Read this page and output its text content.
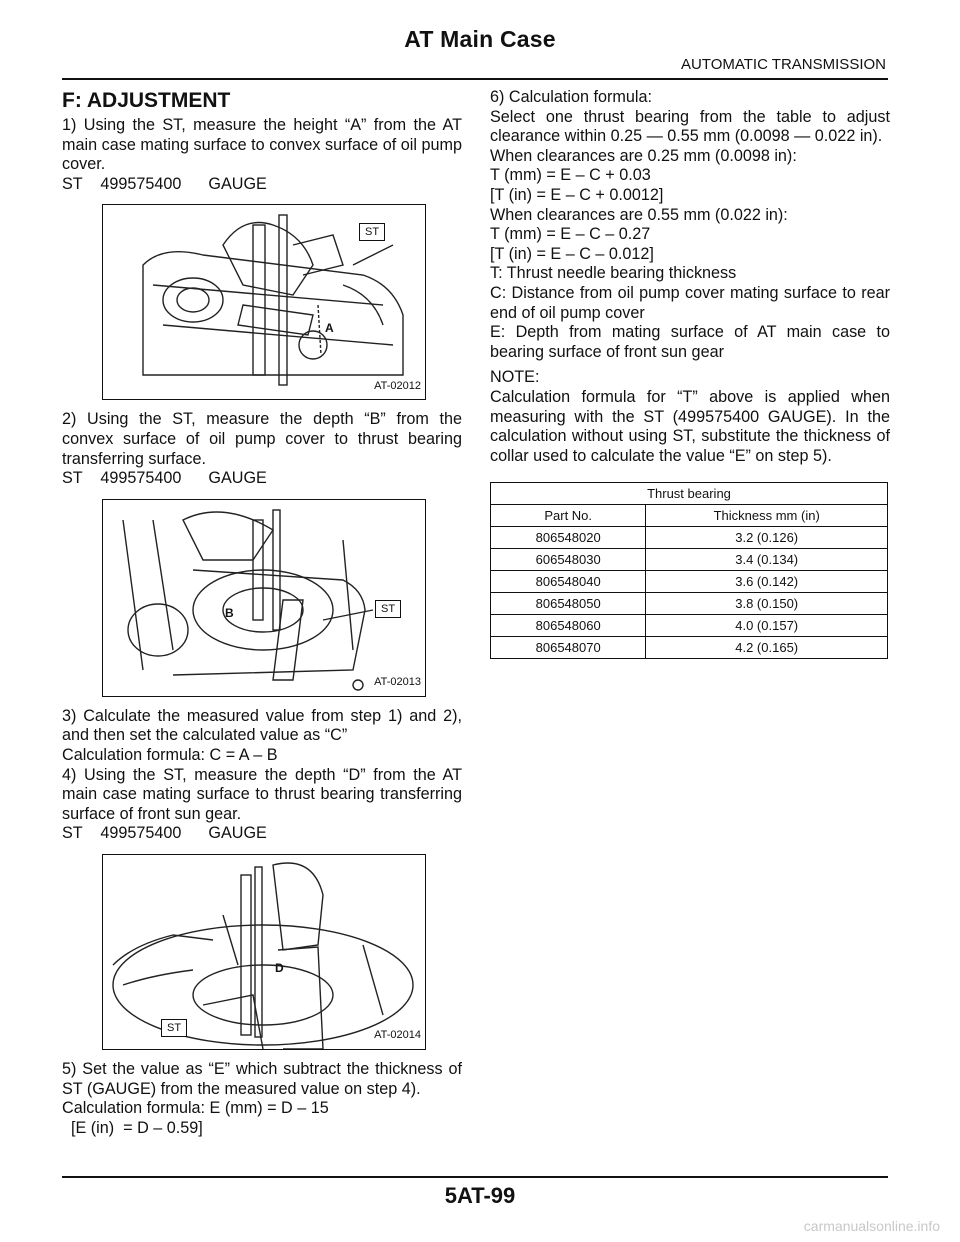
AT Main Case
AUTOMATIC TRANSMISSION
F: ADJUSTMENT

1) Using the ST, measure the height “A” from the AT main case mating surface to convex surface of oil pump cover.

ST    499575400      GAUGE

ST
A
AT-02012

2) Using the ST, measure the depth “B” from the convex surface of oil pump cover to thrust bearing transferring surface.

ST    499575400      GAUGE

ST
B
AT-02013

3) Calculate the measured value from step 1) and 2), and then set the calculated value as “C”

Calculation formula: C = A – B

4) Using the ST, measure the depth “D” from the AT main case mating surface to thrust bearing transferring surface of front sun gear.

ST    499575400      GAUGE

ST
D
AT-02014

5) Set the value as “E” which subtract the thickness of ST (GAUGE) from the measured value on step 4).

Calculation formula: E (mm) = D – 15

[E (in)  = D – 0.59]

6) Calculation formula:

Select one thrust bearing from the table to adjust clearance within 0.25 — 0.55 mm (0.0098 — 0.022 in).

When clearances are 0.25 mm (0.0098 in):

T (mm) = E – C + 0.03

[T (in) = E – C + 0.0012]

When clearances are 0.55 mm (0.022 in):

T (mm) = E – C – 0.27

[T (in) = E – C – 0.012]

T: Thrust needle bearing thickness

C: Distance from oil pump cover mating surface to rear end of oil pump cover

E: Depth from mating surface of AT main case to bearing surface of front sun gear

NOTE:

Calculation formula for “T” above is applied when measuring with the ST (499575400 GAUGE). In the calculation without using ST, substitute the thickness of collar used to calculate the value “E” on step 5).

Thrust bearing	
Part No.	Thickness mm (in)
806548020	3.2 (0.126)
606548030	3.4 (0.134)
806548040	3.6 (0.142)
806548050	3.8 (0.150)
806548060	4.0 (0.157)
806548070	4.2 (0.165)
5AT-99
carmanualsonline.info
